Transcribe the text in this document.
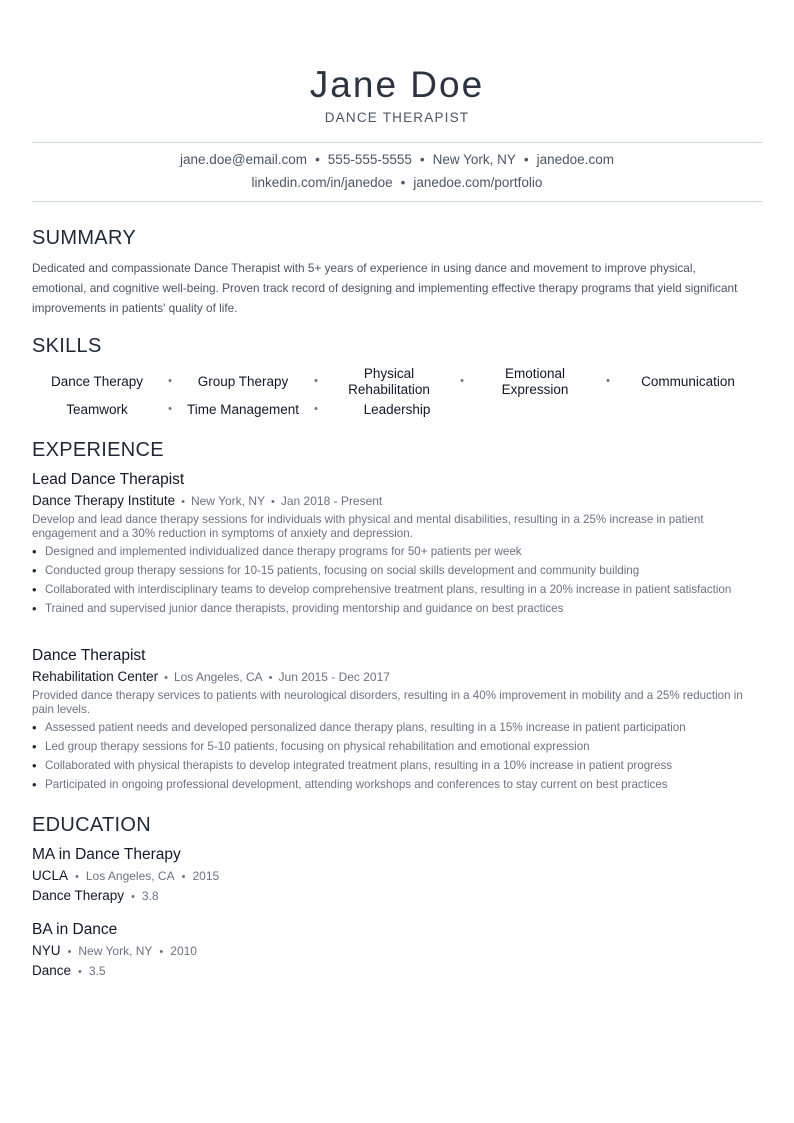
Jane Doe
DANCE THERAPIST
jane.doe@email.com • 555-555-5555 • New York, NY • janedoe.com
linkedin.com/in/janedoe • janedoe.com/portfolio
SUMMARY
Dedicated and compassionate Dance Therapist with 5+ years of experience in using dance and movement to improve physical, emotional, and cognitive well-being. Proven track record of designing and implementing effective therapy programs that yield significant improvements in patients' quality of life.
SKILLS
Dance Therapy	•	Group Therapy	•	Physical Rehabilitation
•	Emotional Expression
•	Communication
Teamwork	• Time Management	•	Leadership
EXPERIENCE
Lead Dance Therapist
Dance Therapy Institute • New York, NY • Jan 2018 - Present
Develop and lead dance therapy sessions for individuals with physical and mental disabilities, resulting in a 25% increase in patient engagement and a 30% reduction in symptoms of anxiety and depression.
• Designed and implemented individualized dance therapy programs for 50+ patients per week
• Conducted group therapy sessions for 10-15 patients, focusing on social skills development and community building
• Collaborated with interdisciplinary teams to develop comprehensive treatment plans, resulting in a 20% increase in patient satisfaction
• Trained and supervised junior dance therapists, providing mentorship and guidance on best practices
Dance Therapist
Rehabilitation Center • Los Angeles, CA • Jun 2015 - Dec 2017
Provided dance therapy services to patients with neurological disorders, resulting in a 40% improvement in mobility and a 25% reduction in pain levels.
• Assessed patient needs and developed personalized dance therapy plans, resulting in a 15% increase in patient participation
• Led group therapy sessions for 5-10 patients, focusing on physical rehabilitation and emotional expression
• Collaborated with physical therapists to develop integrated treatment plans, resulting in a 10% increase in patient progress
• Participated in ongoing professional development, attending workshops and conferences to stay current on best practices
EDUCATION
MA in Dance Therapy
UCLA • Los Angeles, CA • 2015
Dance Therapy • 3.8
BA in Dance
NYU • New York, NY • 2010
Dance • 3.5
